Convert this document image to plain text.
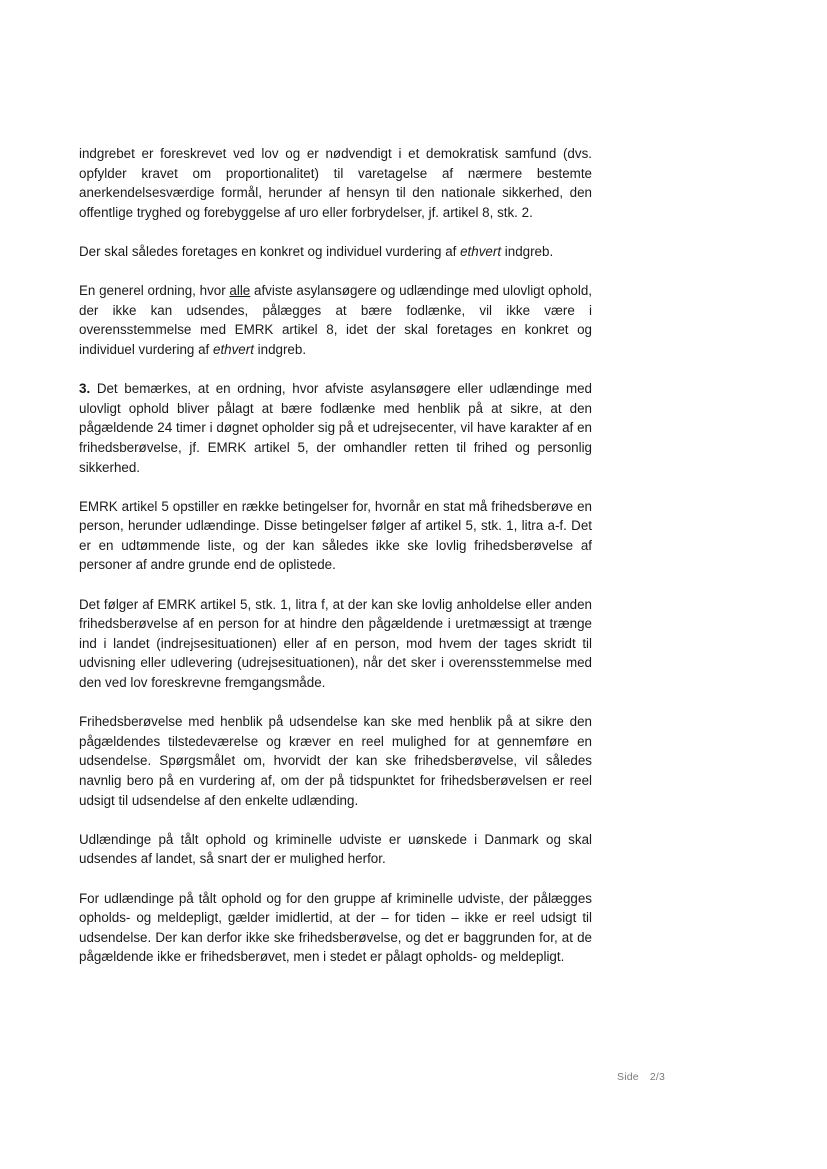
indgrebet er foreskrevet ved lov og er nødvendigt i et demokratisk samfund (dvs. opfylder kravet om proportionalitet) til varetagelse af nærmere bestemte anerkendelsesværdige formål, herunder af hensyn til den nationale sikkerhed, den offentlige tryghed og forebyggelse af uro eller forbrydelser, jf. artikel 8, stk. 2.

Der skal således foretages en konkret og individuel vurdering af ethvert indgreb.

En generel ordning, hvor alle afviste asylansøgere og udlændinge med ulovligt ophold, der ikke kan udsendes, pålægges at bære fodlænke, vil ikke være i overensstemmelse med EMRK artikel 8, idet der skal foretages en konkret og individuel vurdering af ethvert indgreb.

3. Det bemærkes, at en ordning, hvor afviste asylansøgere eller udlændinge med ulovligt ophold bliver pålagt at bære fodlænke med henblik på at sikre, at den pågældende 24 timer i døgnet opholder sig på et udrejsecenter, vil have karakter af en frihedsberøvelse, jf. EMRK artikel 5, der omhandler retten til frihed og personlig sikkerhed.

EMRK artikel 5 opstiller en række betingelser for, hvornår en stat må frihedsberøve en person, herunder udlændinge. Disse betingelser følger af artikel 5, stk. 1, litra a-f. Det er en udtømmende liste, og der kan således ikke ske lovlig frihedsberøvelse af personer af andre grunde end de oplistede.

Det følger af EMRK artikel 5, stk. 1, litra f, at der kan ske lovlig anholdelse eller anden frihedsberøvelse af en person for at hindre den pågældende i uretmæssigt at trænge ind i landet (indrejsesituationen) eller af en person, mod hvem der tages skridt til udvisning eller udlevering (udrejsesituationen), når det sker i overensstemmelse med den ved lov foreskrevne fremgangsmåde.

Frihedsberøvelse med henblik på udsendelse kan ske med henblik på at sikre den pågældendes tilstedeværelse og kræver en reel mulighed for at gennemføre en udsendelse. Spørgsmålet om, hvorvidt der kan ske frihedsberøvelse, vil således navnlig bero på en vurdering af, om der på tidspunktet for frihedsberøvelsen er reel udsigt til udsendelse af den enkelte udlænding.

Udlændinge på tålt ophold og kriminelle udviste er uønskede i Danmark og skal udsendes af landet, så snart der er mulighed herfor.

For udlændinge på tålt ophold og for den gruppe af kriminelle udviste, der pålægges opholds- og meldepligt, gælder imidlertid, at der – for tiden – ikke er reel udsigt til udsendelse. Der kan derfor ikke ske frihedsberøvelse, og det er baggrunden for, at de pågældende ikke er frihedsberøvet, men i stedet er pålagt opholds- og meldepligt.

Side 2/3
